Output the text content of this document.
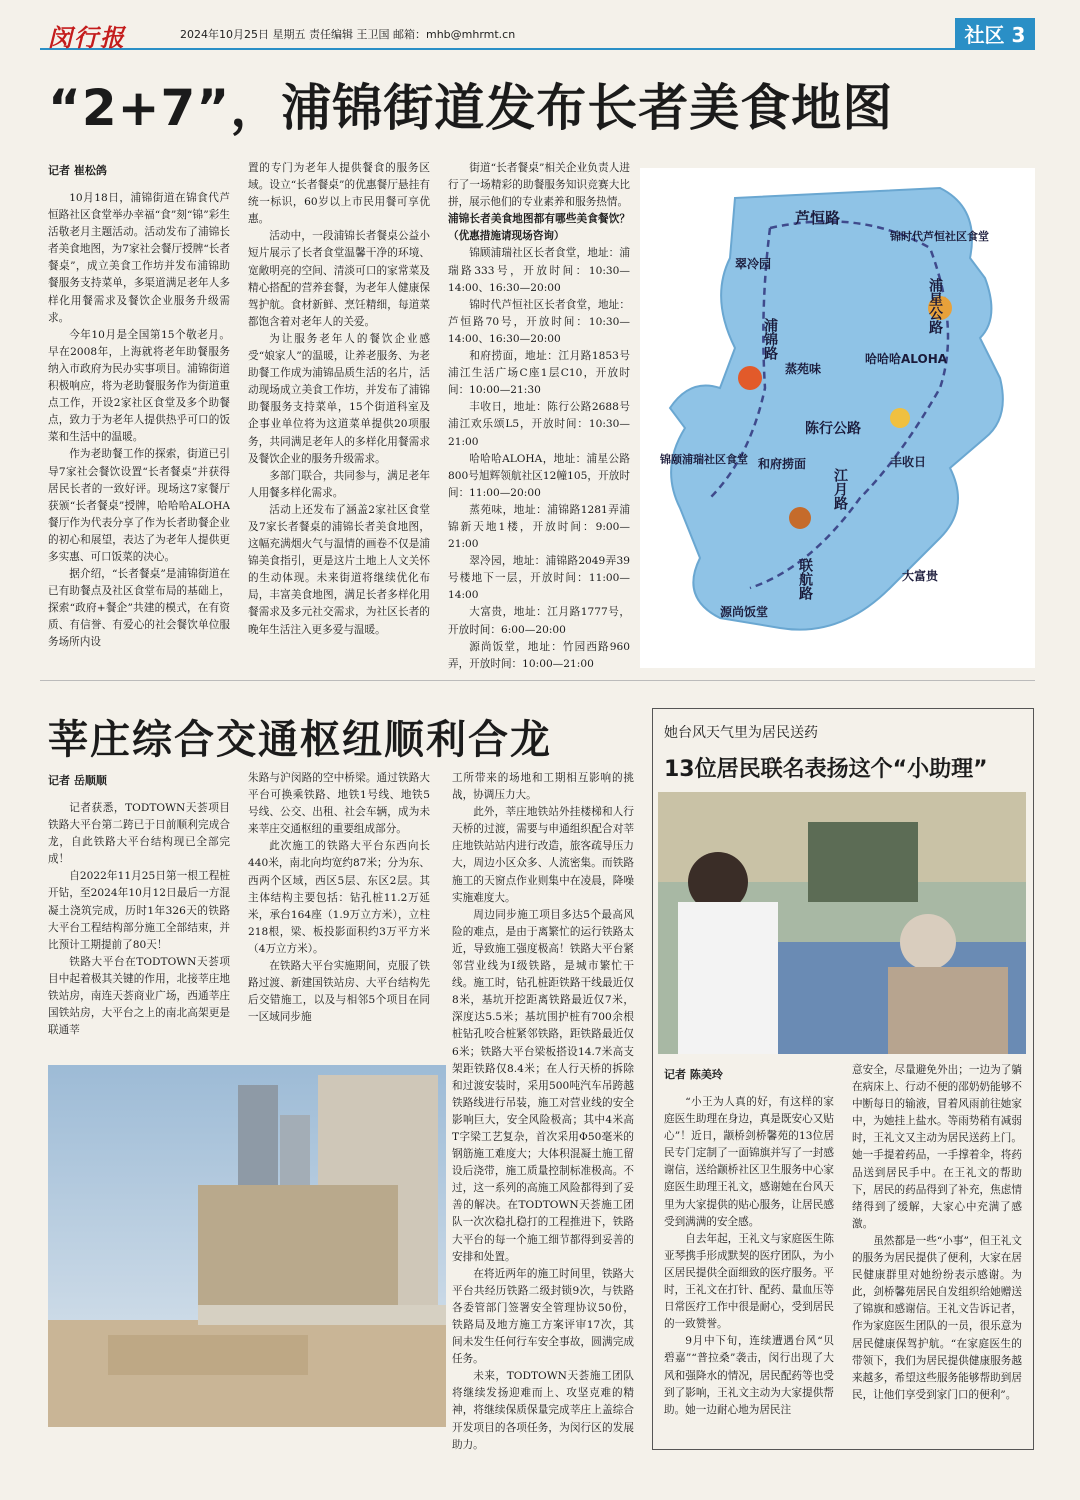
闵行报	2024年10月25日 星期五 责任编辑 王卫国 邮箱：mhb@mhrmt.cn	社区 3
“2+7”，浦锦街道发布长者美食地图
记者 崔松鸽

10月18日，浦锦街道在锦食代芦恒路社区食堂举办幸福“食”刻“锦”彩生活敬老月主题活动。活动发布了浦锦长者美食地图，为7家社会餐厅授牌“长者餐桌”，成立美食工作坊并发布浦锦助餐服务支持菜单，多渠道满足老年人多样化用餐需求及餐饮企业服务升级需求。

今年10月是全国第15个敬老月。早在2008年，上海就将老年助餐服务纳入市政府为民办实事项目。浦锦街道积极响应，将为老助餐服务作为街道重点工作，开设2家社区食堂及多个助餐点，致力于为老年人提供热乎可口的饭菜和生活中的温暖。

作为老助餐工作的探索，街道已引导7家社会餐饮设置“长者餐桌”并获得居民长者的一致好评。现场这7家餐厅获颁“长者餐桌”授牌，哈哈哈ALOHA餐厅作为代表分享了作为长者助餐企业的初心和展望，表达了为老年人提供更多实惠、可口饭菜的决心。

据介绍，“长者餐桌”是浦锦街道在已有助餐点及社区食堂布局的基础上，探索“政府+餐企”共建的模式，在有资质、有信誉、有爱心的社会餐饮单位服务场所内设

置的专门为老年人提供餐食的服务区域。设立“长者餐桌”的优惠餐厅悬挂有统一标识，60岁以上市民用餐可享优惠。

活动中，一段浦锦长者餐桌公益小短片展示了长者食堂温馨干净的环境、宽敞明亮的空间、清淡可口的家常菜及精心搭配的营养套餐，为老年人健康保驾护航。食材新鲜、烹饪精细，每道菜都饱含着对老年人的关爱。

为让服务老年人的餐饮企业感受“娘家人”的温暖，让养老服务、为老助餐工作成为浦锦品质生活的名片，活动现场成立美食工作坊，并发布了浦锦助餐服务支持菜单，15个街道科室及企事业单位将为这道菜单提供20项服务，共同满足老年人的多样化用餐需求及餐饮企业的服务升级需求。

多部门联合，共同参与，满足老年人用餐多样化需求。

活动上还发布了涵盖2家社区食堂及7家长者餐桌的浦锦长者美食地图，这幅充满烟火气与温情的画卷不仅是浦锦美食指引，更是这片土地上人文关怀的生动体现。未来街道将继续优化布局，丰富美食地图，满足长者多样化用餐需求及多元社交需求，为社区长者的晚年生活注入更多爱与温暖。

街道“长者餐桌”相关企业负责人进行了一场精彩的助餐服务知识竞赛大比拼，展示他们的专业素养和服务热情。

浦锦长者美食地图都有哪些美食餐饮？（优惠措施请现场咨询）

锦顾浦瑞社区长者食堂，地址：浦瑞路333号，开放时间：10:30—14:00、16:30—20:00

锦时代芦恒社区长者食堂，地址：芦恒路70号，开放时间：10:30—14:00、16:30—20:00

和府捞面，地址：江月路1853号浦江生活广场C座1层C10，开放时间：10:00—21:30

丰收日，地址：陈行公路2688号浦江欢乐颂L5，开放时间：10:30—21:00

哈哈哈ALOHA，地址：浦星公路800号旭辉领航社区12幢105，开放时间：11:00—20:00

蒸苑味，地址：浦锦路1281弄浦锦新天地1楼，开放时间：9:00—21:00

翠冷园，地址：浦锦路2049弄39号楼地下一层，开放时间：11:00—14:00

大富贵，地址：江月路1777号，开放时间：6:00—20:00

源尚饭堂，地址：竹园西路960弄，开放时间：10:00—21:00

芦恒路
浦锦路
浦星公路
陈行公路
江月路
联航路
翠冷园
锦时代芦恒社区食堂
蒸苑味
哈哈哈ALOHA
锦颐浦瑞社区食堂 和府捞面	丰收日
大富贵
源尚饭堂
莘庄综合交通枢纽顺利合龙
记者 岳顺顺

记者获悉，TODTOWN天荟项目铁路大平台第二跨已于日前顺利完成合龙，自此铁路大平台结构现已全部完成！

自2022年11月25日第一根工程桩开钻，至2024年10月12日最后一方混凝土浇筑完成，历时1年326天的铁路大平台工程结构部分施工全部结束，并比预计工期提前了80天！

铁路大平台在TODTOWN天荟项目中起着极其关键的作用，北接莘庄地铁站房，南连天荟商业广场，西通莘庄国铁站房，大平台之上的南北高架更是联通莘

朱路与沪闵路的空中桥梁。通过铁路大平台可换乘铁路、地铁1号线、地铁5号线、公交、出租、社会车辆，成为未来莘庄交通枢纽的重要组成部分。

此次施工的铁路大平台东西向长440米，南北向均宽约87米；分为东、西两个区域，西区5层、东区2层。其主体结构主要包括：钻孔桩11.2万延米，承台164座（1.9万立方米），立柱218根，梁、板投影面积约3万平方米（4万立方米）。

在铁路大平台实施期间，克服了铁路过渡、新建国铁站房、大平台结构先后交错施工，以及与相邻5个项目在同一区域同步施

工所带来的场地和工期相互影响的挑战，协调压力大。

此外，莘庄地铁站外挂楼梯和人行天桥的过渡，需要与申通组织配合对莘庄地铁站站内进行改造，旅客疏导压力大，周边小区众多、人流密集。而铁路施工的天窗点作业则集中在凌晨，降噪实施难度大。

周边同步施工项目多达5个最高风险的难点，是由于离繁忙的运行铁路太近，导致施工强度极高！铁路大平台紧邻营业线为Ⅰ级铁路，是城市繁忙干线。施工时，钻孔桩距铁路干线最近仅8米，基坑开挖距离铁路最近仅7米，深度达5.5米；基坑围护桩有700余根桩钻孔咬合桩紧邻铁路，距铁路最近仅6米；铁路大平台梁板搭设14.7米高支架距铁路仅8.4米；在人行天桥的拆除和过渡安装时，采用500吨汽车吊跨越铁路线进行吊装，施工对营业线的安全影响巨大，安全风险极高；其中4米高T字梁工艺复杂，首次采用Φ50毫米的钢筋施工难度大；大体积混凝土施工留设后浇带，施工质量控制标准极高。不过，这一系列的高施工风险都得到了妥善的解决。在TODTOWN天荟施工团队一次次稳扎稳打的工程推进下，铁路大平台的每一个施工细节都得到妥善的安排和处置。

在将近两年的施工时间里，铁路大平台共经历铁路二级封锁9次，与铁路各委管部门签署安全管理协议50份，铁路局及地方施工方案评审17次，其间未发生任何行车安全事故，圆满完成任务。

未来，TODTOWN天荟施工团队将继续发扬迎难而上、攻坚克难的精神，将继续保质保量完成莘庄上盖综合开发项目的各项任务，为闵行区的发展助力。

她台风天气里为居民送药
13位居民联名表扬这个“小助理”
记者 陈美玲

“小王为人真的好，有这样的家庭医生助理在身边，真是既安心又贴心”！近日，颛桥剑桥馨苑的13位居民专门定制了一面锦旗并写了一封感谢信，送给颛桥社区卫生服务中心家庭医生助理王礼文，感谢她在台风天里为大家提供的贴心服务，让居民感受到满满的安全感。

自去年起，王礼文与家庭医生陈亚琴携手形成默契的医疗团队，为小区居民提供全面细致的医疗服务。平时，王礼文在打针、配药、量血压等日常医疗工作中很是耐心，受到居民的一致赞誉。

9月中下旬，连续遭遇台风“贝碧嘉”“普拉桑”袭击，闵行出现了大风和强降水的情况，居民配药等也受到了影响，王礼文主动为大家提供帮助。她一边耐心地为居民注

意安全，尽量避免外出；一边为了躺在病床上、行动不便的邵奶奶能够不中断每日的输液，冒着风雨前往她家中，为她挂上盐水。等雨势稍有减弱时，王礼文又主动为居民送药上门。她一手提着药品，一手撑着伞，将药品送到居民手中。在王礼文的帮助下，居民的药品得到了补充，焦虑情绪得到了缓解，大家心中充满了感激。

虽然都是一些“小事”，但王礼文的服务为居民提供了便利，大家在居民健康群里对她纷纷表示感谢。为此，剑桥馨苑居民自发组织给她赠送了锦旗和感谢信。王礼文告诉记者，作为家庭医生团队的一员，很乐意为居民健康保驾护航。“在家庭医生的带领下，我们为居民提供健康服务越来越多，希望这些服务能够帮助到居民，让他们享受到家门口的便利”。
